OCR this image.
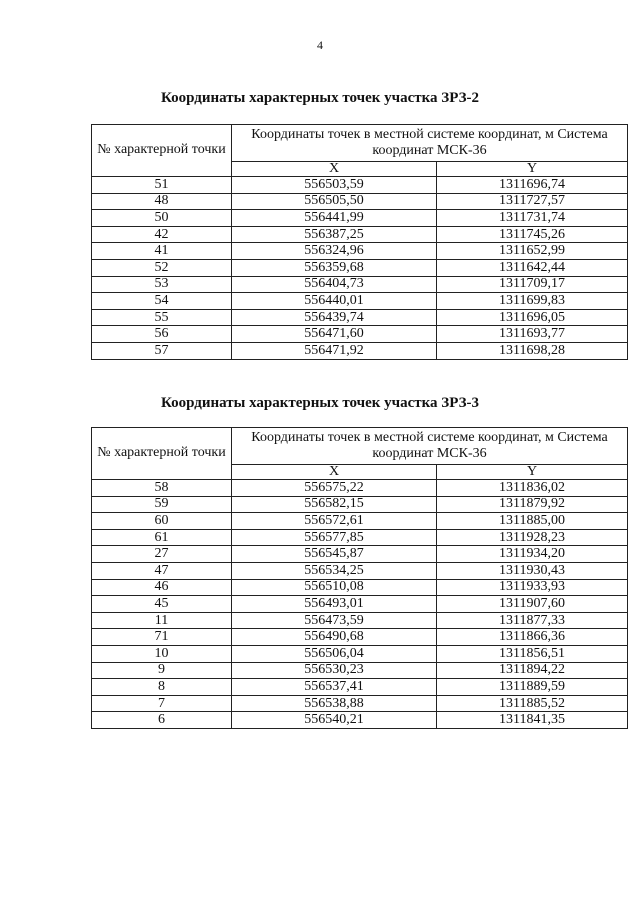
4
Координаты характерных точек участка ЗРЗ-2
№ характерной точки	Координаты точек в местной системе координат, м Система координат МСК-36	
	X	Y
51	556503,59	1311696,74
48	556505,50	1311727,57
50	556441,99	1311731,74
42	556387,25	1311745,26
41	556324,96	1311652,99
52	556359,68	1311642,44
53	556404,73	1311709,17
54	556440,01	1311699,83
55	556439,74	1311696,05
56	556471,60	1311693,77
57	556471,92	1311698,28
Координаты характерных точек участка ЗРЗ-3
№ характерной точки	Координаты точек в местной системе координат, м Система координат МСК-36	
	X	Y
58	556575,22	1311836,02
59	556582,15	1311879,92
60	556572,61	1311885,00
61	556577,85	1311928,23
27	556545,87	1311934,20
47	556534,25	1311930,43
46	556510,08	1311933,93
45	556493,01	1311907,60
11	556473,59	1311877,33
71	556490,68	1311866,36
10	556506,04	1311856,51
9	556530,23	1311894,22
8	556537,41	1311889,59
7	556538,88	1311885,52
6	556540,21	1311841,35
